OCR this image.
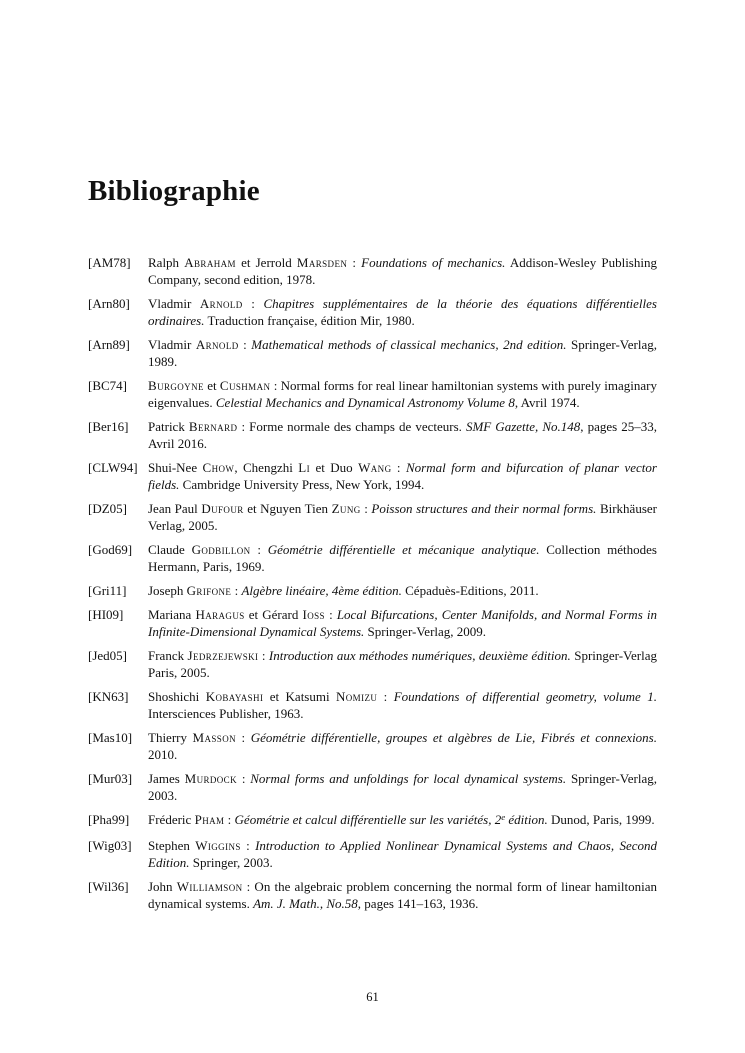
Bibliographie
[AM78]	Ralph Abraham et Jerrold Marsden : Foundations of mechanics. Addison-Wesley Publishing Company, second edition, 1978.
[Arn80]	Vladmir Arnold : Chapitres supplémentaires de la théorie des équations différentielles ordinaires. Traduction française, édition Mir, 1980.
[Arn89]	Vladmir Arnold : Mathematical methods of classical mechanics, 2nd edition. Springer-Verlag, 1989.
[BC74]	Burgoyne et Cushman : Normal forms for real linear hamiltonian systems with purely imaginary eigenvalues. Celestial Mechanics and Dynamical Astronomy Volume 8, Avril 1974.
[Ber16]	Patrick Bernard : Forme normale des champs de vecteurs. SMF Gazette, No.148, pages 25–33, Avril 2016.
[CLW94] Shui-Nee Chow, Chengzhi Li et Duo Wang : Normal form and bifurcation of planar vector fields. Cambridge University Press, New York, 1994.
[DZ05]	Jean Paul Dufour et Nguyen Tien Zung : Poisson structures and their normal forms. Birkhäuser Verlag, 2005.
[God69]	Claude Godbillon : Géométrie différentielle et mécanique analytique. Collection méthodes Hermann, Paris, 1969.
[Gri11]	Joseph Grifone : Algèbre linéaire, 4ème édition. Cépaduès-Editions, 2011.
[HI09]	Mariana Haragus et Gérard Ioss : Local Bifurcations, Center Manifolds, and Normal Forms in Infinite-Dimensional Dynamical Systems. Springer-Verlag, 2009.
[Jed05]	Franck Jedrzejewski : Introduction aux méthodes numériques, deuxième édition. Springer-Verlag Paris, 2005.
[KN63]	Shoshichi Kobayashi et Katsumi Nomizu : Foundations of differential geometry, volume 1. Intersciences Publisher, 1963.
[Mas10]	Thierry Masson : Géométrie différentielle, groupes et algèbres de Lie, Fibrés et connexions. 2010.
[Mur03]	James Murdock : Normal forms and unfoldings for local dynamical systems. Springer-Verlag, 2003.
[Pha99]	Fréderic Pham : Géométrie et calcul différentielle sur les variétés, 2e édition. Dunod, Paris, 1999.
[Wig03]	Stephen Wiggins : Introduction to Applied Nonlinear Dynamical Systems and Chaos, Second Edition. Springer, 2003.
[Wil36]	John Williamson : On the algebraic problem concerning the normal form of linear hamiltonian dynamical systems. Am. J. Math., No.58, pages 141–163, 1936.
61
